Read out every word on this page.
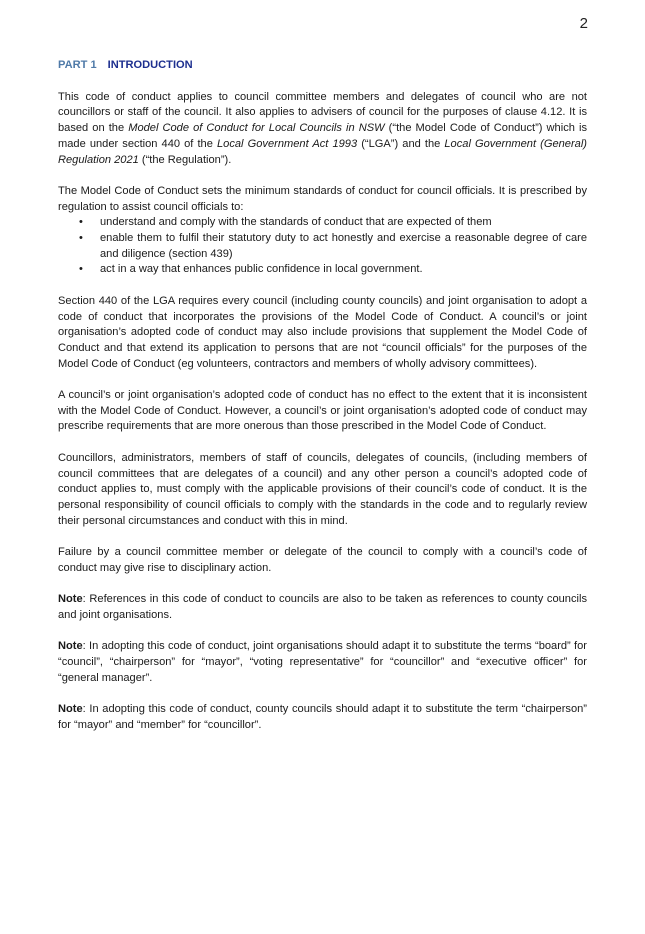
2
PART 1 INTRODUCTION

This code of conduct applies to council committee members and delegates of council who are not councillors or staff of the council. It also applies to advisers of council for the purposes of clause 4.12. It is based on the Model Code of Conduct for Local Councils in NSW (“the Model Code of Conduct”) which is made under section 440 of the Local Government Act 1993 (“LGA”) and the Local Government (General) Regulation 2021 (“the Regulation”).

The Model Code of Conduct sets the minimum standards of conduct for council officials. It is prescribed by regulation to assist council officials to:

• understand and comply with the standards of conduct that are expected of them
• enable them to fulfil their statutory duty to act honestly and exercise a reasonable degree of care and diligence (section 439)
• act in a way that enhances public confidence in local government.

Section 440 of the LGA requires every council (including county councils) and joint organisation to adopt a code of conduct that incorporates the provisions of the Model Code of Conduct. A council’s or joint organisation’s adopted code of conduct may also include provisions that supplement the Model Code of Conduct and that extend its application to persons that are not “council officials” for the purposes of the Model Code of Conduct (eg volunteers, contractors and members of wholly advisory committees).

A council’s or joint organisation’s adopted code of conduct has no effect to the extent that it is inconsistent with the Model Code of Conduct. However, a council’s or joint organisation’s adopted code of conduct may prescribe requirements that are more onerous than those prescribed in the Model Code of Conduct.

Councillors, administrators, members of staff of councils, delegates of councils, (including members of council committees that are delegates of a council) and any other person a council’s adopted code of conduct applies to, must comply with the applicable provisions of their council’s code of conduct. It is the personal responsibility of council officials to comply with the standards in the code and to regularly review their personal circumstances and conduct with this in mind.

Failure by a council committee member or delegate of the council to comply with a council’s code of conduct may give rise to disciplinary action.

Note: References in this code of conduct to councils are also to be taken as references to county councils and joint organisations.

Note: In adopting this code of conduct, joint organisations should adapt it to substitute the terms “board” for “council”, “chairperson” for “mayor”, “voting representative” for “councillor” and “executive officer” for “general manager”.

Note: In adopting this code of conduct, county councils should adapt it to substitute the term “chairperson” for “mayor” and “member” for “councillor”.
